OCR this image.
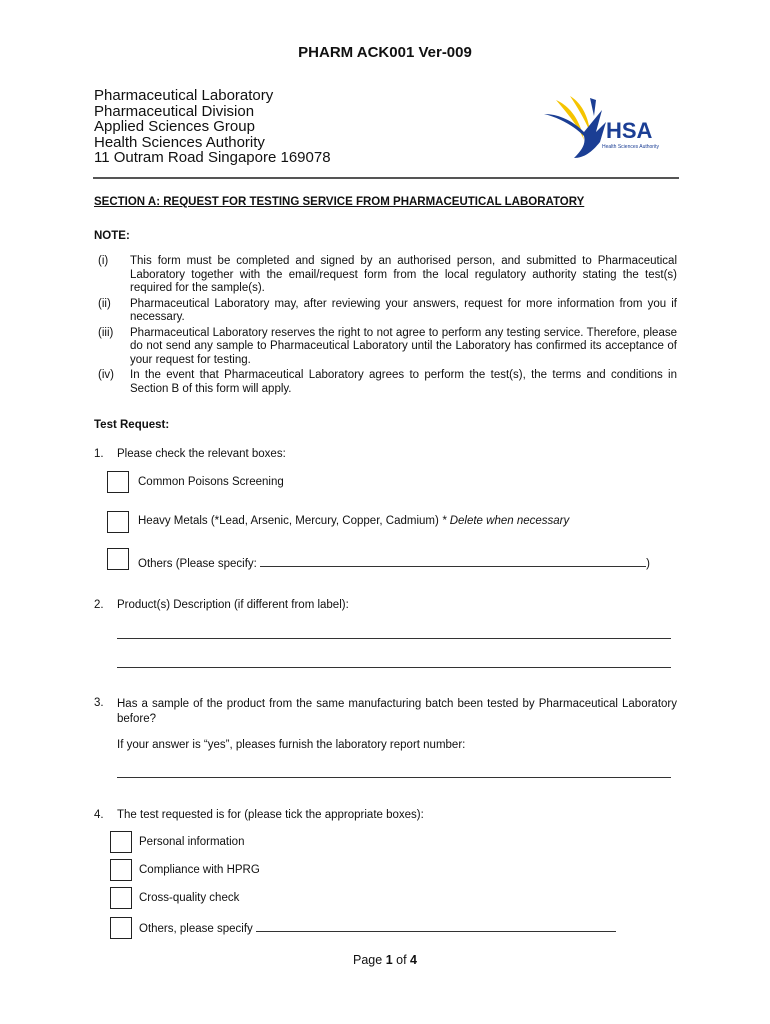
PHARM ACK001 Ver-009
Pharmaceutical Laboratory
Pharmaceutical Division
Applied Sciences Group
Health Sciences Authority
11 Outram Road Singapore 169078
HSA
Health Sciences Authority
SECTION A: REQUEST FOR TESTING SERVICE FROM PHARMACEUTICAL LABORATORY
NOTE:
(i)	This form must be completed and signed by an authorised person, and submitted to Pharmaceutical Laboratory together with the email/request form from the local regulatory authority stating the test(s) required for the sample(s).
(ii)	Pharmaceutical Laboratory may, after reviewing your answers, request for more information from you if necessary.
(iii)	Pharmaceutical Laboratory reserves the right to not agree to perform any testing service. Therefore, please do not send any sample to Pharmaceutical Laboratory until the Laboratory has confirmed its acceptance of your request for testing.
(iv)	In the event that Pharmaceutical Laboratory agrees to perform the test(s), the terms and conditions in Section B of this form will apply.
Test Request:
1. Please check the relevant boxes:
Common Poisons Screening
Heavy Metals (*Lead, Arsenic, Mercury, Copper, Cadmium) * Delete when necessary
Others (Please specify:	)
2. Product(s) Description (if different from label):
3. Has a sample of the product from the same manufacturing batch been tested by Pharmaceutical Laboratory before?
If your answer is “yes”, pleases furnish the laboratory report number:
4. The test requested is for (please tick the appropriate boxes):
Personal information
Compliance with HPRG
Cross-quality check
Others, please specify
Page 1 of 4
